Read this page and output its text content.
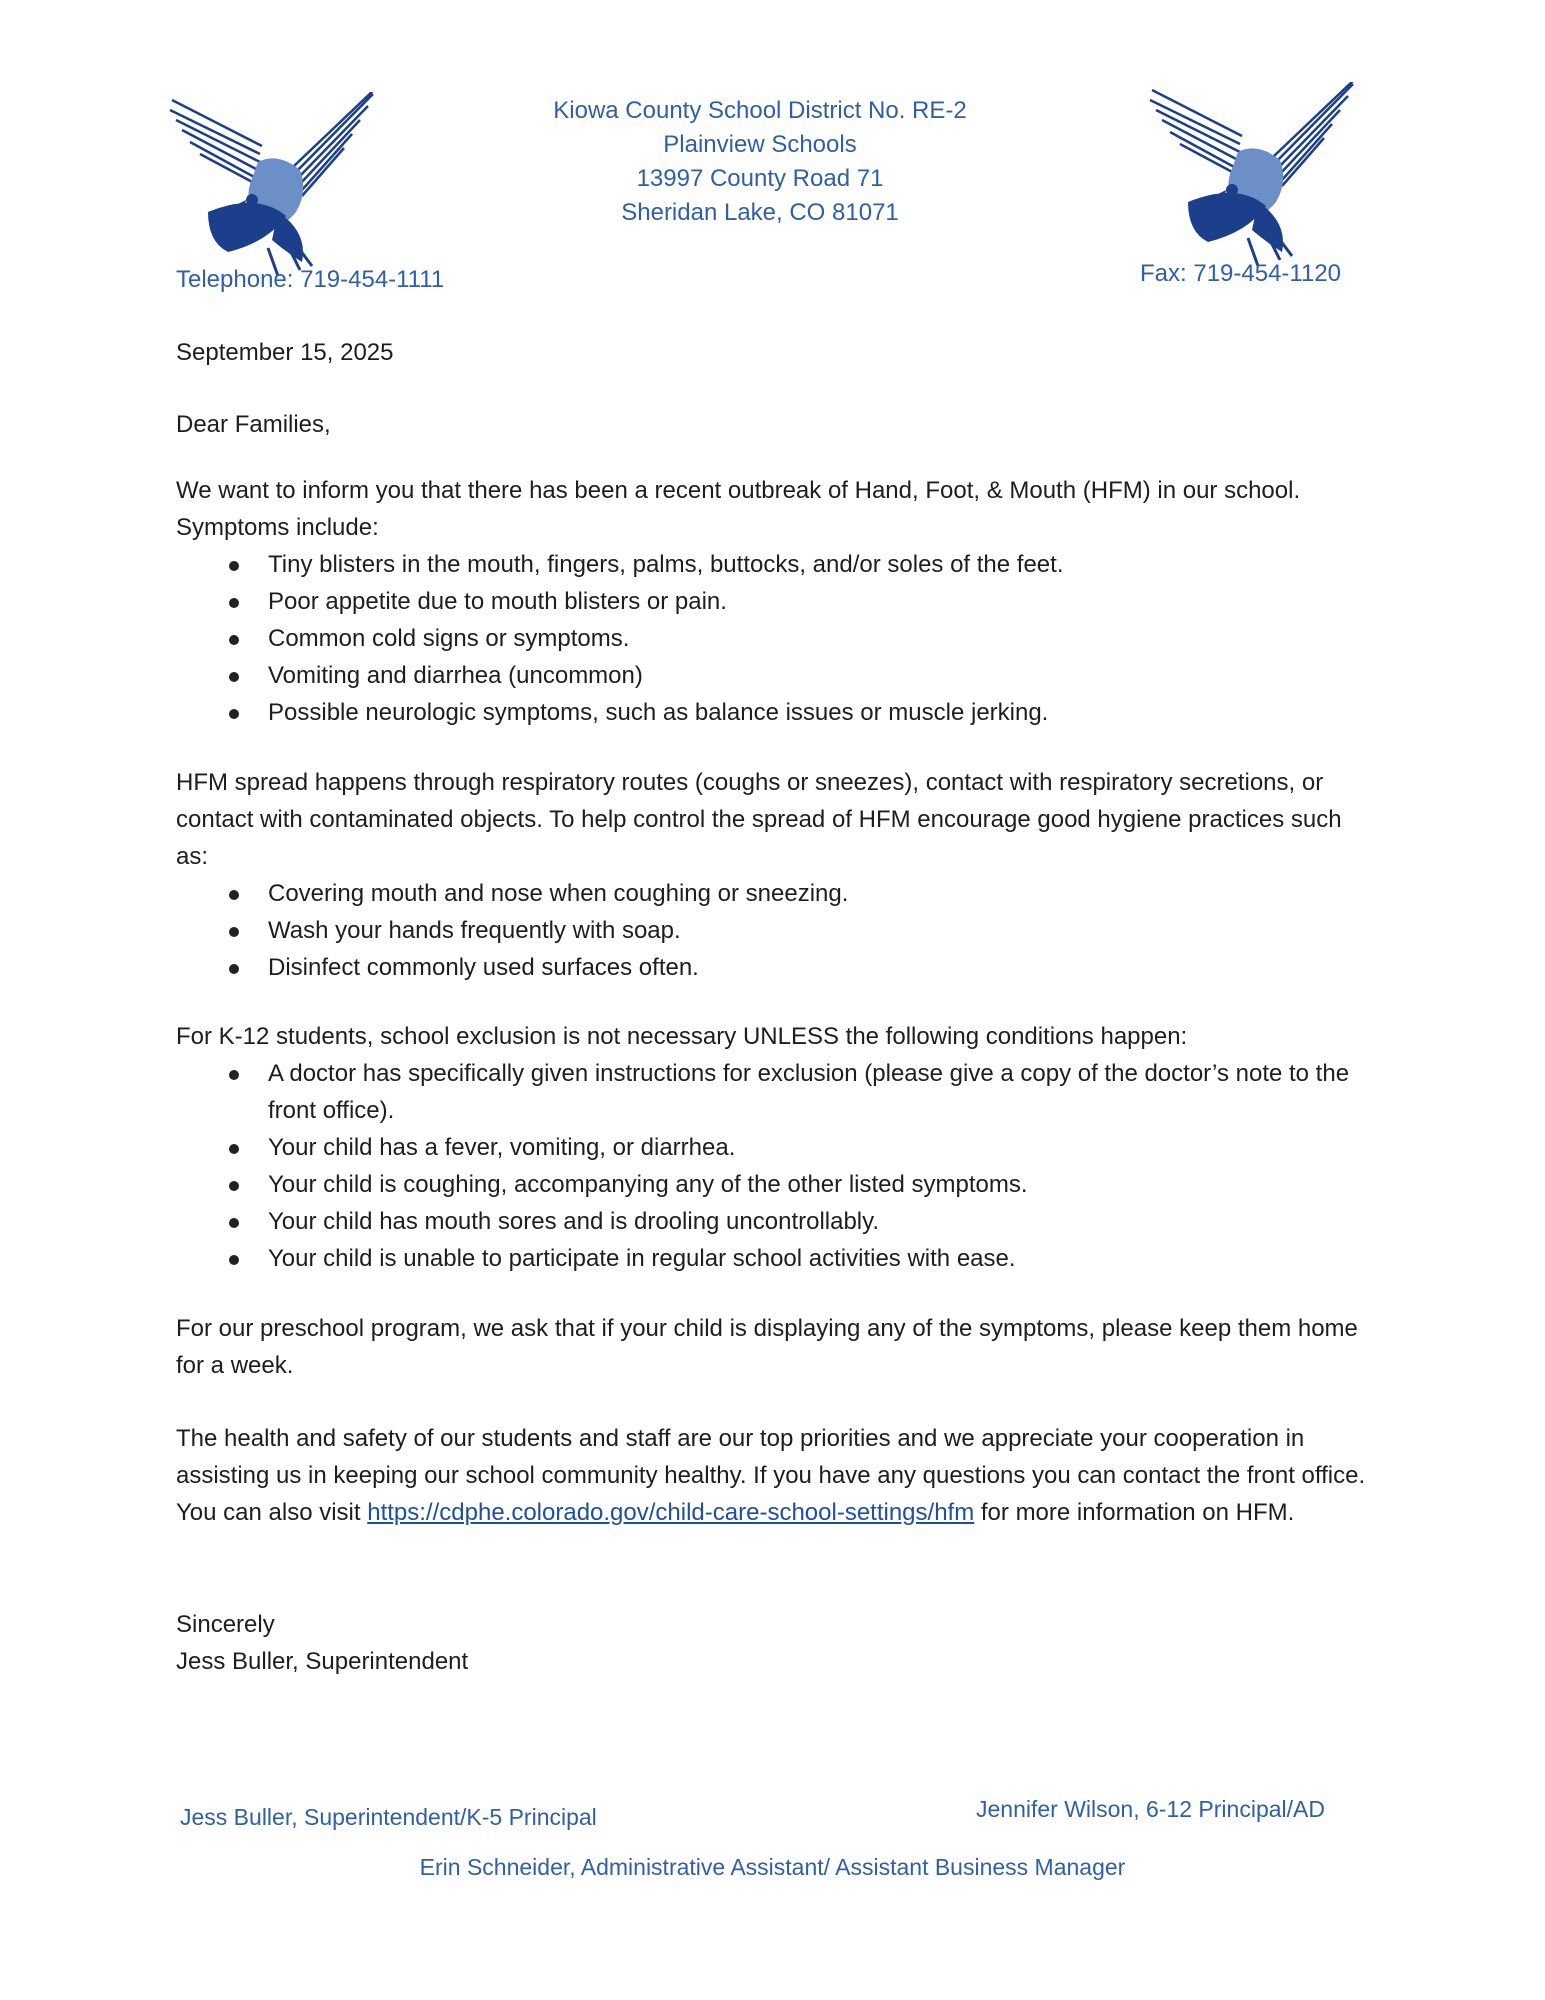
Kiowa County School District No. RE-2
Plainview Schools
13997 County Road 71
Sheridan Lake, CO 81071
Telephone: 719-454-1111	Fax: 719-454-1120
September 15, 2025
Dear Families,

We want to inform you that there has been a recent outbreak of Hand, Foot, & Mouth (HFM) in our school. Symptoms include:

Tiny blisters in the mouth, fingers, palms, buttocks, and/or soles of the feet.
Poor appetite due to mouth blisters or pain.
Common cold signs or symptoms.
Vomiting and diarrhea (uncommon)
Possible neurologic symptoms, such as balance issues or muscle jerking.

HFM spread happens through respiratory routes (coughs or sneezes), contact with respiratory secretions, or contact with contaminated objects. To help control the spread of HFM encourage good hygiene practices such as:

Covering mouth and nose when coughing or sneezing.
Wash your hands frequently with soap.
Disinfect commonly used surfaces often.

For K-12 students, school exclusion is not necessary UNLESS the following conditions happen:

A doctor has specifically given instructions for exclusion (please give a copy of the doctor’s note to the front office).
Your child has a fever, vomiting, or diarrhea.
Your child is coughing, accompanying any of the other listed symptoms.
Your child has mouth sores and is drooling uncontrollably.
Your child is unable to participate in regular school activities with ease.
For our preschool program, we ask that if your child is displaying any of the symptoms, please keep them home for a week.
The health and safety of our students and staff are our top priorities and we appreciate your cooperation in assisting us in keeping our school community healthy. If you have any questions you can contact the front office. You can also visit https://cdphe.colorado.gov/child-care-school-settings/hfm for more information on HFM.
Sincerely
Jess Buller, Superintendent
Jess Buller, Superintendent/K-5 Principal	Jennifer Wilson, 6-12 Principal/AD
Erin Schneider, Administrative Assistant/ Assistant Business Manager
